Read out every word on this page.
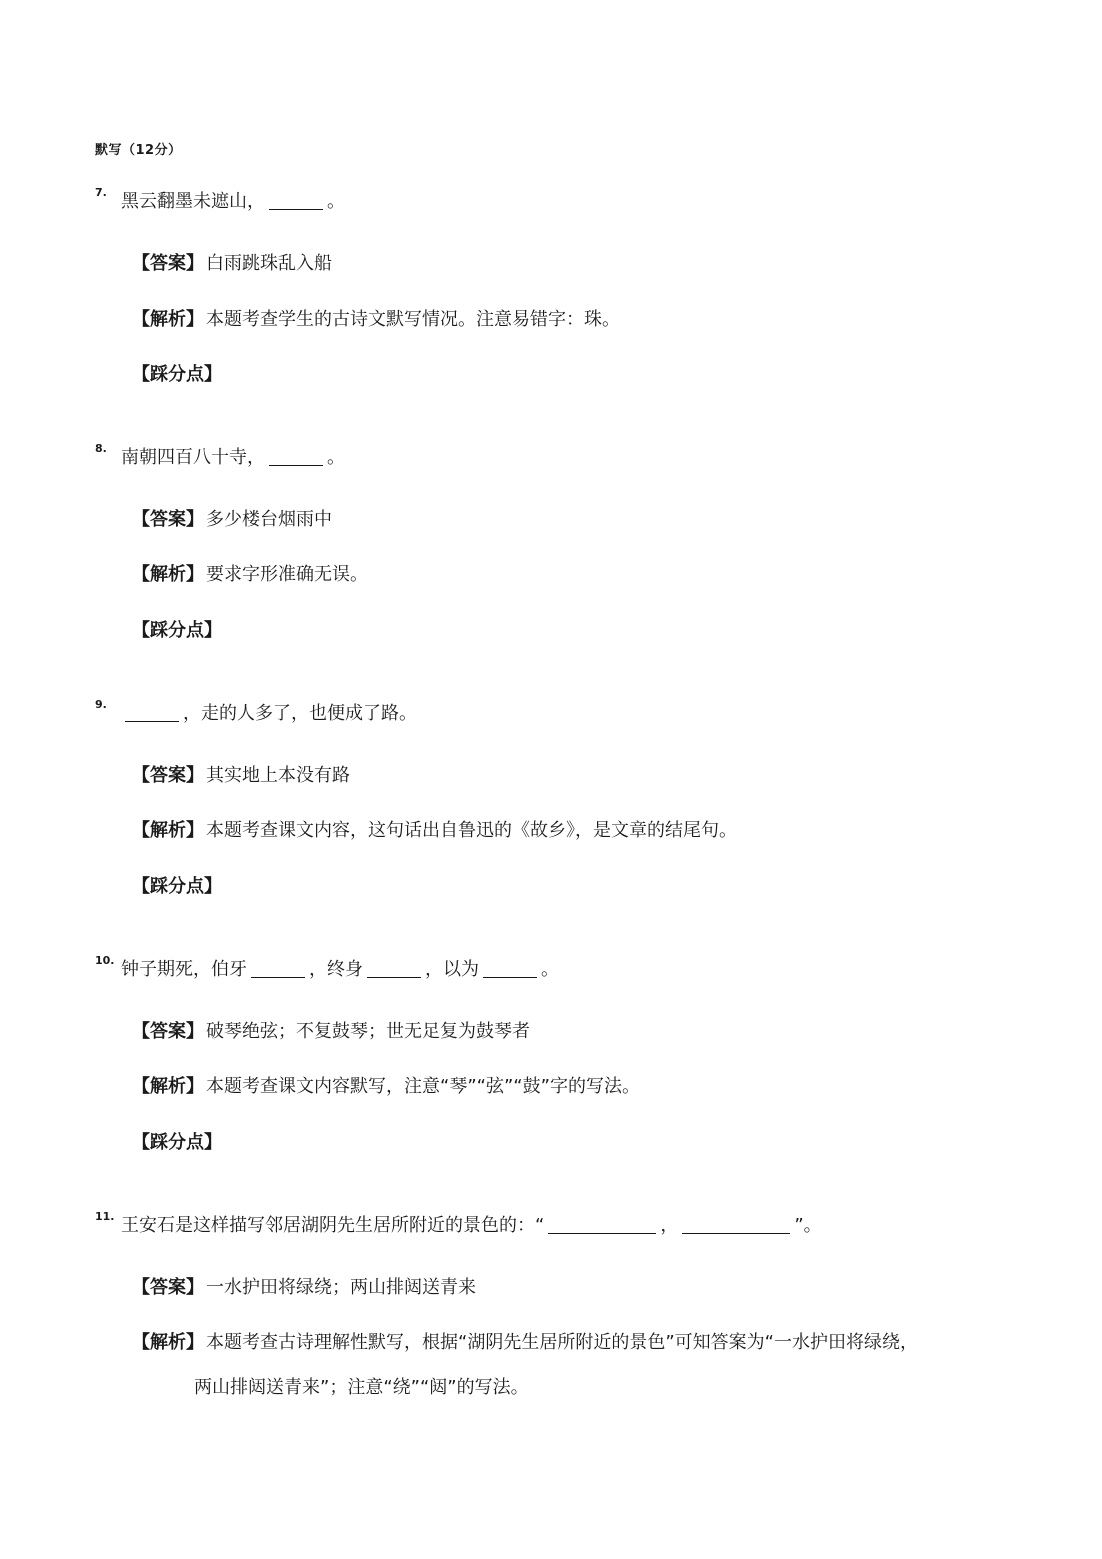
默写（12分）
7. 黑云翻墨未遮山，	。
【答案】 白雨跳珠乱入船
【解析】 本题考查学生的古诗文默写情况。注意易错字：珠。
【踩分点】
8. 南朝四百八十寺，	。
【答案】 多少楼台烟雨中
【解析】 要求字形准确无误。
【踩分点】
9.	，走的人多了，也便成了路。
【答案】 其实地上本没有路
【解析】 本题考查课文内容，这句话出自鲁迅的《故乡》，是文章的结尾句。
【踩分点】
10. 钟子期死，伯牙	，终身	，以为	。
【答案】 破琴绝弦；不复鼓琴；世无足复为鼓琴者
【解析】 本题考查课文内容默写，注意“琴”“弦”“鼓”字的写法。
【踩分点】
11. 王安石是这样描写邻居湖阴先生居所附近的景色的：“	，	”。
【答案】 一水护田将绿绕；两山排闼送青来
【解析】 本题考查古诗理解性默写，根据“湖阴先生居所附近的景色”可知答案为“一水护田将绿绕，
两山排闼送青来”；注意“绕”“闼”的写法。
